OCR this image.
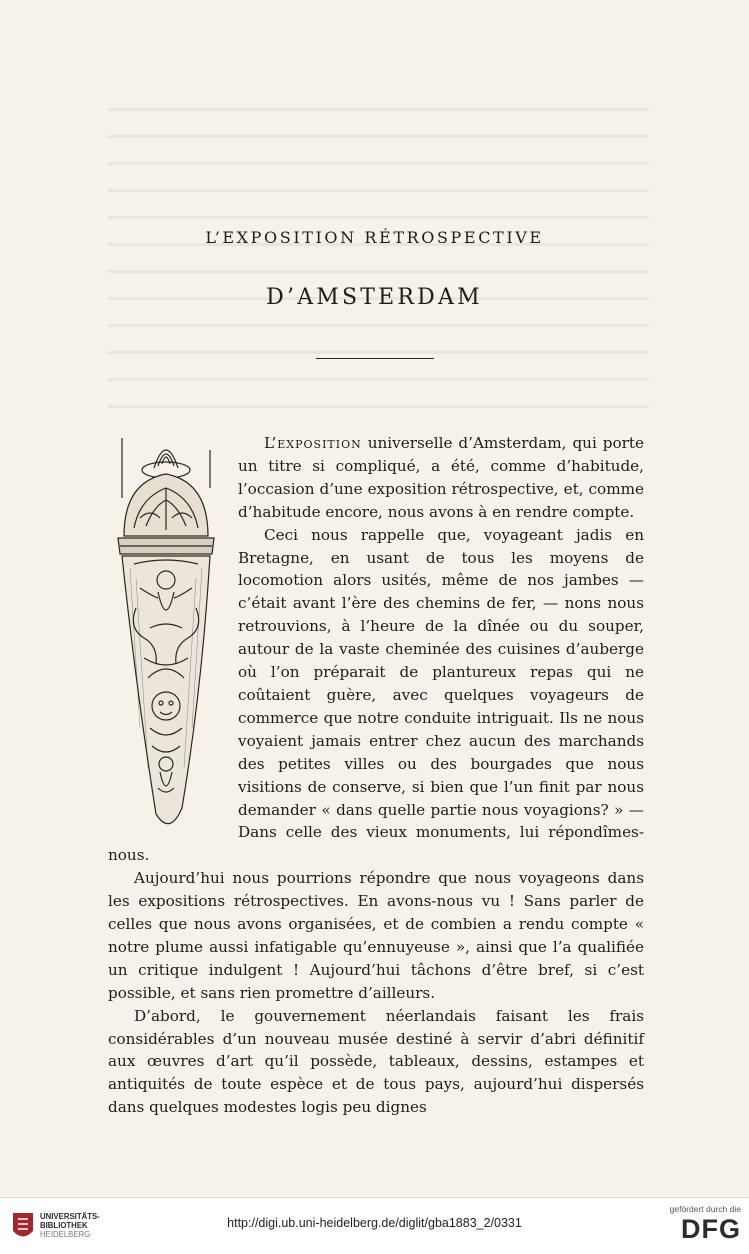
L’EXPOSITION RÉTROSPECTIVE
D’AMSTERDAM

L’exposition universelle d’Amsterdam, qui porte un titre si compliqué, a été, comme d’habitude, l’occasion d’une exposition rétrospective, et, comme d’habitude encore, nous avons à en rendre compte.

Ceci nous rappelle que, voyageant jadis en Bretagne, en usant de tous les moyens de locomotion alors usités, même de nos jambes — c’était avant l’ère des chemins de fer, — nons nous retrouvions, à l’heure de la dînée ou du souper, autour de la vaste cheminée des cuisines d’auberge où l’on préparait de plantureux repas qui ne coûtaient guère, avec quelques voyageurs de commerce que notre conduite intriguait. Ils ne nous voyaient jamais entrer chez aucun des marchands des petites villes ou des bourgades que nous visitions de conserve, si bien que l’un finit par nous demander « dans quelle partie nous voyagions? » — Dans celle des vieux monuments, lui répondîmes-nous.

Aujourd’hui nous pourrions répondre que nous voyageons dans les expositions rétrospectives. En avons-nous vu ! Sans parler de celles que nous avons organisées, et de combien a rendu compte « notre plume aussi infatigable qu’ennuyeuse », ainsi que l’a qualifiée un critique indulgent ! Aujourd’hui tâchons d’être bref, si c’est possible, et sans rien promettre d’ailleurs.

D’abord, le gouvernement néerlandais faisant les frais considérables d’un nouveau musée destiné à servir d’abri définitif aux œuvres d’art qu’il possède, tableaux, dessins, estampes et antiquités de toute espèce et de tous pays, aujourd’hui dispersés dans quelques modestes logis peu dignes

UNIVERSITÄTS-
BIBLIOTHEK
HEIDELBERG
http://digi.ub.uni-heidelberg.de/diglit/gba1883_2/0331
gefördert durch die
DFG
